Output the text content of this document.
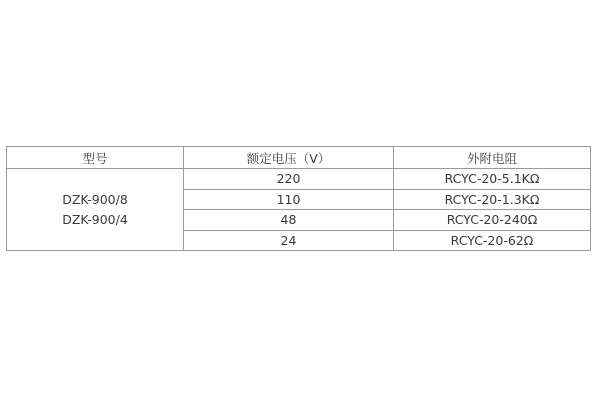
型号	额定电压（V）	外附电阻

DZK-900/8
DZK-900/4	220	RCYC-20-5.1KΩ
	110	RCYC-20-1.3KΩ
	48	RCYC-20-240Ω
	24	RCYC-20-62Ω
